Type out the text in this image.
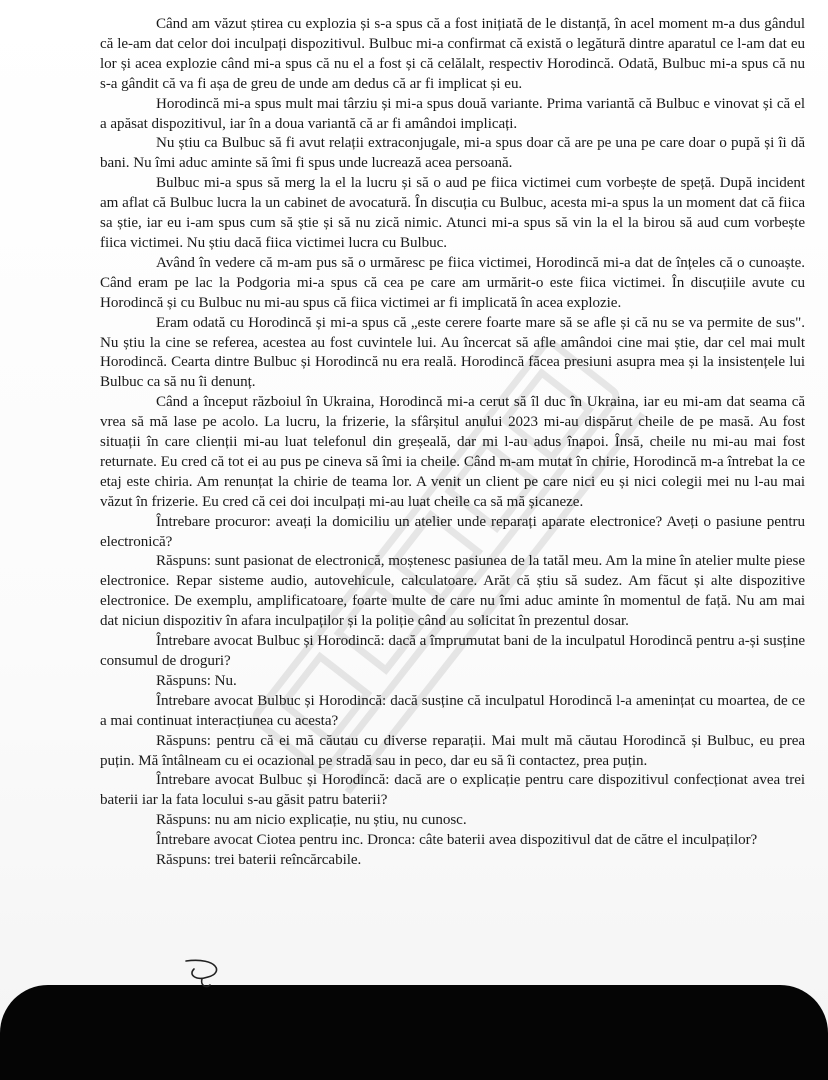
Când am văzut știrea cu explozia și s-a spus că a fost inițiată de le distanță, în acel moment m-a dus gândul că le-am dat celor doi inculpați dispozitivul. Bulbuc mi-a confirmat că există o legătură dintre aparatul ce l-am dat eu lor și acea explozie când mi-a spus că nu el a fost și că celălalt, respectiv Horodincă. Odată, Bulbuc mi-a spus că nu s-a gândit că va fi așa de greu de unde am dedus că ar fi implicat și eu.

Horodincă mi-a spus mult mai târziu și mi-a spus două variante. Prima variantă că Bulbuc e vinovat și că el a apăsat dispozitivul, iar în a doua variantă că ar fi amândoi implicați.

Nu știu ca Bulbuc să fi avut relații extraconjugale, mi-a spus doar că are pe una pe care doar o pupă și îi dă bani. Nu îmi aduc aminte să îmi fi spus unde lucrează acea persoană.

Bulbuc mi-a spus să merg la el la lucru și să o aud pe fiica victimei cum vorbește de speță. După incident am aflat că Bulbuc lucra la un cabinet de avocatură. În discuția cu Bulbuc, acesta mi-a spus la un moment dat că fiica sa știe, iar eu i-am spus cum să știe și să nu zică nimic. Atunci mi-a spus să vin la el la birou să aud cum vorbește fiica victimei. Nu știu dacă fiica victimei lucra cu Bulbuc.

Având în vedere că m-am pus să o urmăresc pe fiica victimei, Horodincă mi-a dat de înțeles că o cunoaște. Când eram pe lac la Podgoria mi-a spus că cea pe care am urmărit-o este fiica victimei. În discuțiile avute cu Horodincă și cu Bulbuc nu mi-au spus că fiica victimei ar fi implicată în acea explozie.

Eram odată cu Horodincă și mi-a spus că „este cerere foarte mare să se afle și că nu se va permite de sus". Nu știu la cine se referea, acestea au fost cuvintele lui. Au încercat să afle amândoi cine mai știe, dar cel mai mult Horodincă. Cearta dintre Bulbuc și Horodincă nu era reală. Horodincă făcea presiuni asupra mea și la insistențele lui Bulbuc ca să nu îi denunț.

Când a început războiul în Ukraina, Horodincă mi-a cerut să îl duc în Ukraina, iar eu mi-am dat seama că vrea să mă lase pe acolo. La lucru, la frizerie, la sfârșitul anului 2023 mi-au dispărut cheile de pe masă. Au fost situații în care clienții mi-au luat telefonul din greșeală, dar mi l-au adus înapoi. Însă, cheile nu mi-au mai fost returnate. Eu cred că tot ei au pus pe cineva să îmi ia cheile. Când m-am mutat în chirie, Horodincă m-a întrebat la ce etaj este chiria. Am renunțat la chirie de teama lor. A venit un client pe care nici eu și nici colegii mei nu l-au mai văzut în frizerie. Eu cred că cei doi inculpați mi-au luat cheile ca să mă șicaneze.

Întrebare procuror: aveați la domiciliu un atelier unde reparați aparate electronice? Aveți o pasiune pentru electronică?

Răspuns: sunt pasionat de electronică, moștenesc pasiunea de la tatăl meu. Am la mine în atelier multe piese electronice. Repar sisteme audio, autovehicule, calculatoare. Arăt că știu să sudez. Am făcut și alte dispozitive electronice. De exemplu, amplificatoare, foarte multe de care nu îmi aduc aminte în momentul de față. Nu am mai dat niciun dispozitiv în afara inculpaților și la poliție când au solicitat în prezentul dosar.

Întrebare avocat Bulbuc și Horodincă: dacă a împrumutat bani de la inculpatul Horodincă pentru a-și susține consumul de droguri?

Răspuns: Nu.

Întrebare avocat Bulbuc și Horodincă: dacă susține că inculpatul Horodincă l-a amenințat cu moartea, de ce a mai continuat interacțiunea cu acesta?

Răspuns: pentru că ei mă căutau cu diverse reparații. Mai mult mă căutau Horodincă și Bulbuc, eu prea puțin. Mă întâlneam cu ei ocazional pe stradă sau in peco, dar eu să îi contactez, prea puțin.

Întrebare avocat Bulbuc și Horodincă: dacă are o explicație pentru care dispozitivul confecționat avea trei baterii iar la fata locului s-au găsit patru baterii?

Răspuns: nu am nicio explicație, nu știu, nu cunosc.

Întrebare avocat Ciotea pentru inc. Dronca: câte baterii avea dispozitivul dat de către el inculpaților?

Răspuns: trei baterii reîncărcabile.
